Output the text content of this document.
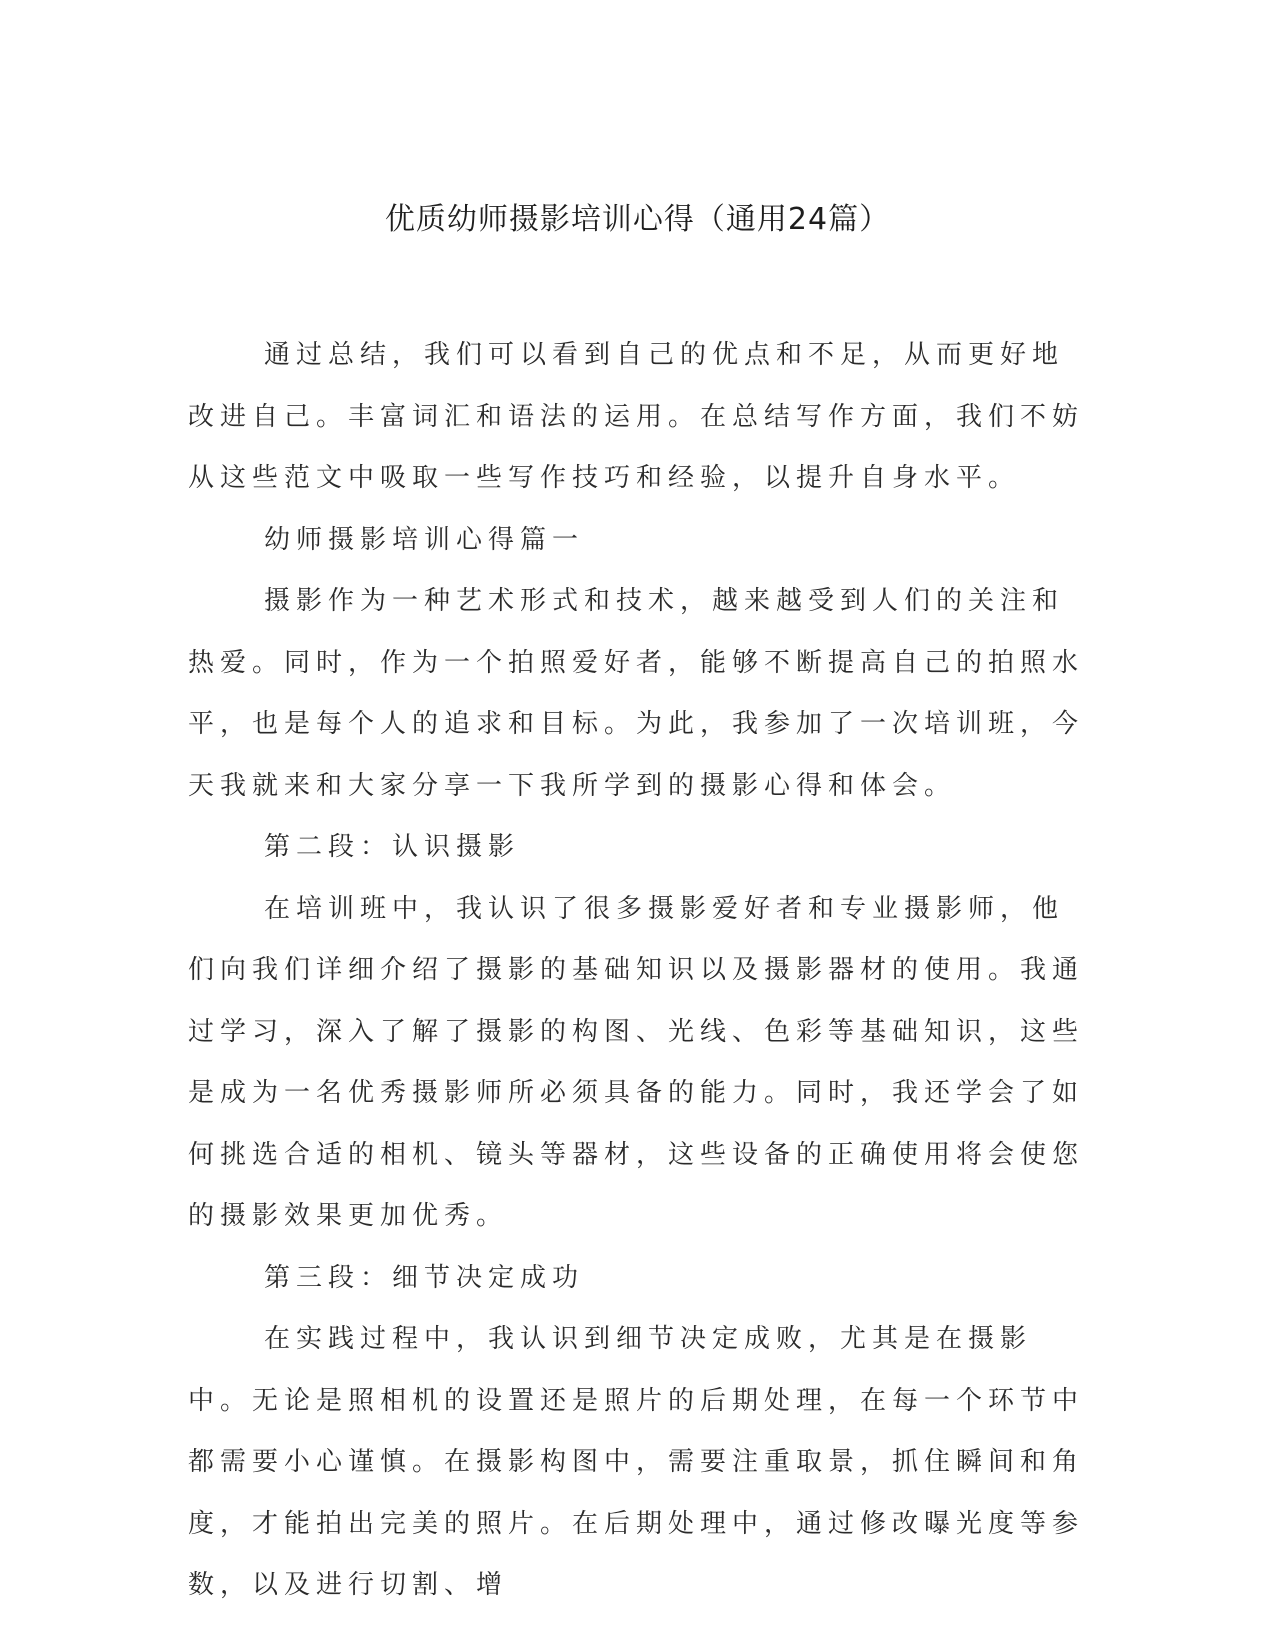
优质幼师摄影培训心得（通用24篇）

通过总结，我们可以看到自己的优点和不足，从而更好地改进自己。丰富词汇和语法的运用。在总结写作方面，我们不妨从这些范文中吸取一些写作技巧和经验，以提升自身水平。

幼师摄影培训心得篇一

摄影作为一种艺术形式和技术，越来越受到人们的关注和热爱。同时，作为一个拍照爱好者，能够不断提高自己的拍照水平，也是每个人的追求和目标。为此，我参加了一次培训班，今天我就来和大家分享一下我所学到的摄影心得和体会。

第二段：认识摄影

在培训班中，我认识了很多摄影爱好者和专业摄影师，他们向我们详细介绍了摄影的基础知识以及摄影器材的使用。我通过学习，深入了解了摄影的构图、光线、色彩等基础知识，这些是成为一名优秀摄影师所必须具备的能力。同时，我还学会了如何挑选合适的相机、镜头等器材，这些设备的正确使用将会使您的摄影效果更加优秀。

第三段：细节决定成功

在实践过程中，我认识到细节决定成败，尤其是在摄影中。无论是照相机的设置还是照片的后期处理，在每一个环节中都需要小心谨慎。在摄影构图中，需要注重取景，抓住瞬间和角度，才能拍出完美的照片。在后期处理中，通过修改曝光度等参数，以及进行切割、增
